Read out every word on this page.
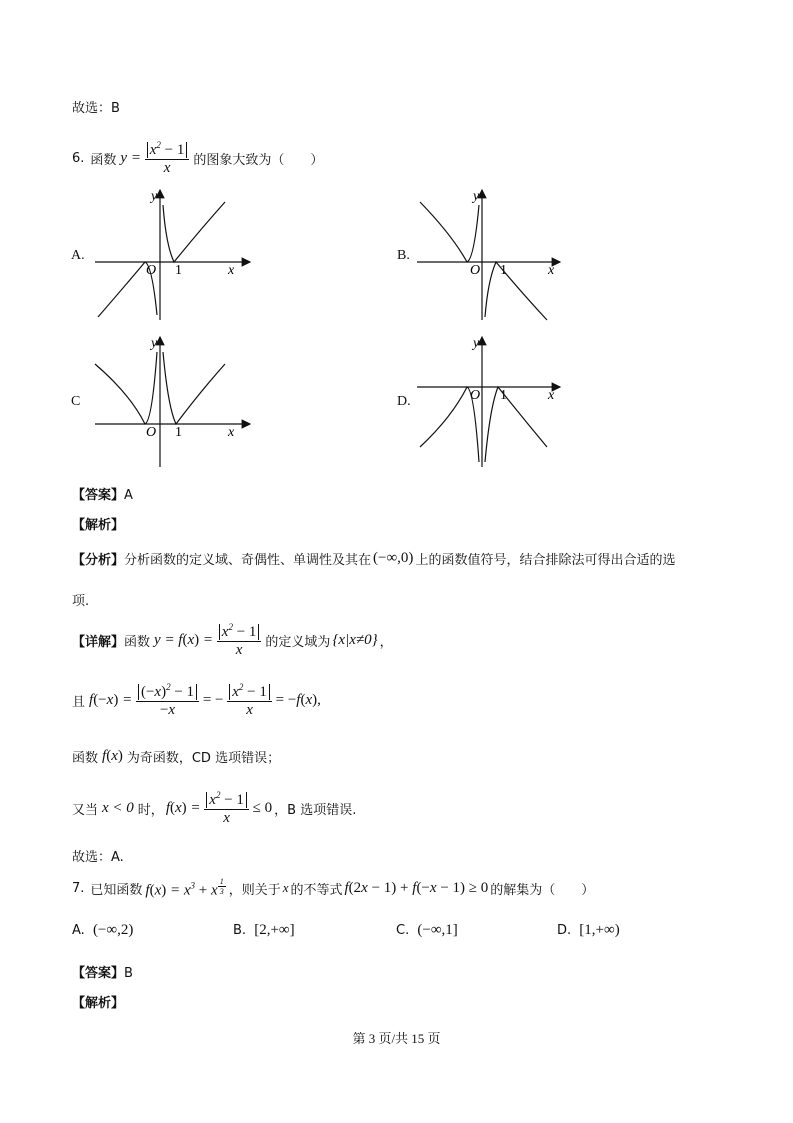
故选：B
6. 函数 $y = \frac{x^2 - 1}{x}$ 的图象大致为（　　）
A.
x
y
O 1
B.
x
y
O 1
C
x
y
O 1
D.	x
y
O 1
【答案】A
【解析】
【分析】 分析函数的定义域、奇偶性、单调性及其在 (−∞,0) 上的函数值符号，结合排除法可得出合适的选
项.
【详解】 函数 $y = f(x) = \frac{x^2 - 1}{x}$ 的定义域为 {x|x≠0} ，
且 $f(-x) = \frac{(-x)^2 - 1}{-x}$ = − $\frac{x^2 - 1}{x} = -f(x)$,
函数 f(x) 为奇函数，CD 选项错误；
又当 x < 0 时， $f(x) = \frac{x^2 - 1}{x} \le 0$ ，B 选项错误.
故选：A.
7. 已知函数 $f(x) = x^3 + x$ $^{\frac{1}{3}}$ ，则关于 x 的不等式 f(2x − 1) + f(−x − 1) ≥ 0 的解集为（　　）
A. (−∞,2)	B. [2,+∞]	C. (−∞,1]	D. [1,+∞)
【答案】B
【解析】
第 3 页/共 15 页
